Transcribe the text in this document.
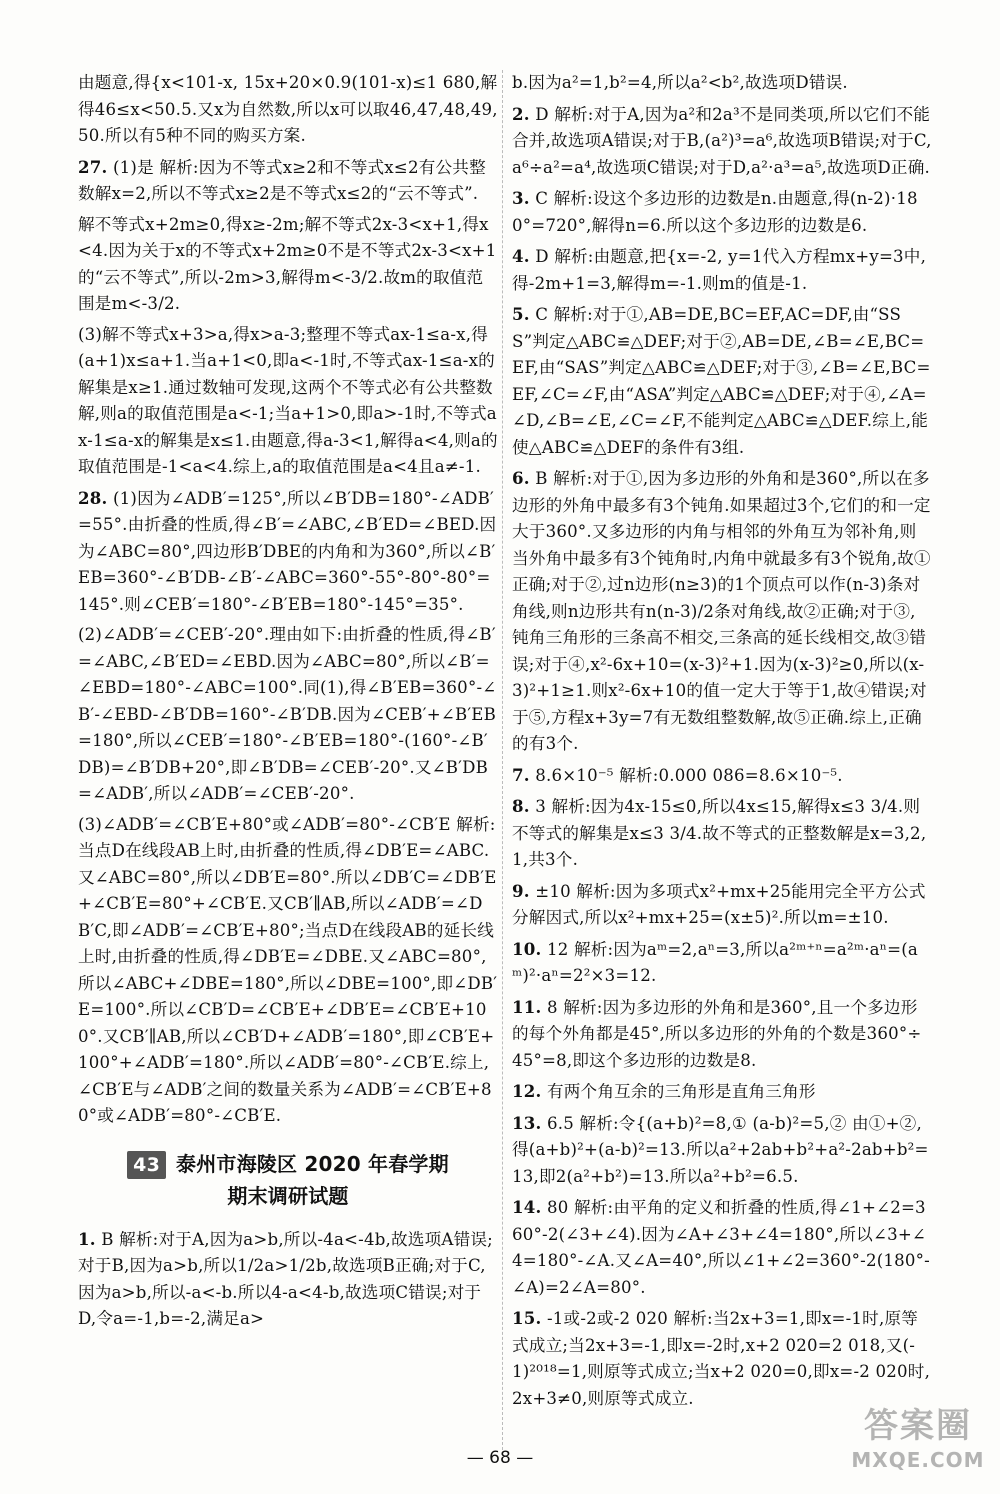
由题意,得{x<101-x, 15x+20×0.9(101-x)≤1 680,解得46≤x<50.5.又x为自然数,所以x可以取46,47,48,49,50.所以有5种不同的购买方案.

27. (1)是 解析:因为不等式x≥2和不等式x≤2有公共整数解x=2,所以不等式x≥2是不等式x≤2的“云不等式”.

解不等式x+2m≥0,得x≥-2m;解不等式2x-3<x+1,得x<4.因为关于x的不等式x+2m≥0不是不等式2x-3<x+1的“云不等式”,所以-2m>3,解得m<-3/2.故m的取值范围是m<-3/2.

(3)解不等式x+3>a,得x>a-3;整理不等式ax-1≤a-x,得(a+1)x≤a+1.当a+1<0,即a<-1时,不等式ax-1≤a-x的解集是x≥1.通过数轴可发现,这两个不等式必有公共整数解,则a的取值范围是a<-1;当a+1>0,即a>-1时,不等式ax-1≤a-x的解集是x≤1.由题意,得a-3<1,解得a<4,则a的取值范围是-1<a<4.综上,a的取值范围是a<4且a≠-1.

28. (1)因为∠ADB′=125°,所以∠B′DB=180°-∠ADB′=55°.由折叠的性质,得∠B′=∠ABC,∠B′ED=∠BED.因为∠ABC=80°,四边形B′DBE的内角和为360°,所以∠B′EB=360°-∠B′DB-∠B′-∠ABC=360°-55°-80°-80°=145°.则∠CEB′=180°-∠B′EB=180°-145°=35°.

(2)∠ADB′=∠CEB′-20°.理由如下:由折叠的性质,得∠B′=∠ABC,∠B′ED=∠EBD.因为∠ABC=80°,所以∠B′=∠EBD=180°-∠ABC=100°.同(1),得∠B′EB=360°-∠B′-∠EBD-∠B′DB=160°-∠B′DB.因为∠CEB′+∠B′EB=180°,所以∠CEB′=180°-∠B′EB=180°-(160°-∠B′DB)=∠B′DB+20°,即∠B′DB=∠CEB′-20°.又∠B′DB=∠ADB′,所以∠ADB′=∠CEB′-20°.

(3)∠ADB′=∠CB′E+80°或∠ADB′=80°-∠CB′E 解析:当点D在线段AB上时,由折叠的性质,得∠DB′E=∠ABC.又∠ABC=80°,所以∠DB′E=80°.所以∠DB′C=∠DB′E+∠CB′E=80°+∠CB′E.又CB′∥AB,所以∠ADB′=∠DB′C,即∠ADB′=∠CB′E+80°;当点D在线段AB的延长线上时,由折叠的性质,得∠DB′E=∠DBE.又∠ABC=80°,所以∠ABC+∠DBE=180°,所以∠DBE=100°,即∠DB′E=100°.所以∠CB′D=∠CB′E+∠DB′E=∠CB′E+100°.又CB′∥AB,所以∠CB′D+∠ADB′=180°,即∠CB′E+100°+∠ADB′=180°.所以∠ADB′=80°-∠CB′E.综上,∠CB′E与∠ADB′之间的数量关系为∠ADB′=∠CB′E+80°或∠ADB′=80°-∠CB′E.

43 泰州市海陵区 2020 年春学期
期末调研试题

1. B 解析:对于A,因为a>b,所以-4a<-4b,故选项A错误;对于B,因为a>b,所以1/2a>1/2b,故选项B正确;对于C,因为a>b,所以-a<-b.所以4-a<4-b,故选项C错误;对于D,令a=-1,b=-2,满足a>

b.因为a²=1,b²=4,所以a²<b²,故选项D错误.

2. D 解析:对于A,因为a²和2a³不是同类项,所以它们不能合并,故选项A错误;对于B,(a²)³=a⁶,故选项B错误;对于C,a⁶÷a²=a⁴,故选项C错误;对于D,a²·a³=a⁵,故选项D正确.

3. C 解析:设这个多边形的边数是n.由题意,得(n-2)·180°=720°,解得n=6.所以这个多边形的边数是6.

4. D 解析:由题意,把{x=-2, y=1代入方程mx+y=3中,得-2m+1=3,解得m=-1.则m的值是-1.

5. C 解析:对于①,AB=DE,BC=EF,AC=DF,由“SSS”判定△ABC≌△DEF;对于②,AB=DE,∠B=∠E,BC=EF,由“SAS”判定△ABC≌△DEF;对于③,∠B=∠E,BC=EF,∠C=∠F,由“ASA”判定△ABC≌△DEF;对于④,∠A=∠D,∠B=∠E,∠C=∠F,不能判定△ABC≌△DEF.综上,能使△ABC≌△DEF的条件有3组.

6. B 解析:对于①,因为多边形的外角和是360°,所以在多边形的外角中最多有3个钝角.如果超过3个,它们的和一定大于360°.又多边形的内角与相邻的外角互为邻补角,则当外角中最多有3个钝角时,内角中就最多有3个锐角,故①正确;对于②,过n边形(n≥3)的1个顶点可以作(n-3)条对角线,则n边形共有n(n-3)/2条对角线,故②正确;对于③,钝角三角形的三条高不相交,三条高的延长线相交,故③错误;对于④,x²-6x+10=(x-3)²+1.因为(x-3)²≥0,所以(x-3)²+1≥1.则x²-6x+10的值一定大于等于1,故④错误;对于⑤,方程x+3y=7有无数组整数解,故⑤正确.综上,正确的有3个.

7. 8.6×10⁻⁵ 解析:0.000 086=8.6×10⁻⁵.

8. 3 解析:因为4x-15≤0,所以4x≤15,解得x≤3 3/4.则不等式的解集是x≤3 3/4.故不等式的正整数解是x=3,2,1,共3个.

9. ±10 解析:因为多项式x²+mx+25能用完全平方公式分解因式,所以x²+mx+25=(x±5)².所以m=±10.

10. 12 解析:因为aᵐ=2,aⁿ=3,所以a²ᵐ⁺ⁿ=a²ᵐ·aⁿ=(aᵐ)²·aⁿ=2²×3=12.

11. 8 解析:因为多边形的外角和是360°,且一个多边形的每个外角都是45°,所以多边形的外角的个数是360°÷45°=8,即这个多边形的边数是8.

12. 有两个角互余的三角形是直角三角形

13. 6.5 解析:令{(a+b)²=8,① (a-b)²=5,② 由①+②,得(a+b)²+(a-b)²=13.所以a²+2ab+b²+a²-2ab+b²=13,即2(a²+b²)=13.所以a²+b²=6.5.

14. 80 解析:由平角的定义和折叠的性质,得∠1+∠2=360°-2(∠3+∠4).因为∠A+∠3+∠4=180°,所以∠3+∠4=180°-∠A.又∠A=40°,所以∠1+∠2=360°-2(180°-∠A)=2∠A=80°.

15. -1或-2或-2 020 解析:当2x+3=1,即x=-1时,原等式成立;当2x+3=-1,即x=-2时,x+2 020=2 018,又(-1)²⁰¹⁸=1,则原等式成立;当x+2 020=0,即x=-2 020时,2x+3≠0,则原等式成立.

— 68 —
答案圈
MXQE.COM
